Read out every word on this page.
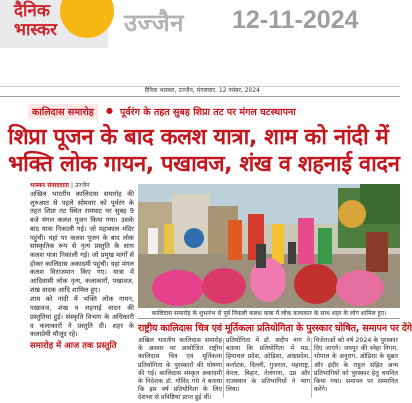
दैनिक भास्कर	उज्जैन 12-11-2024
दैनिक भास्कर, उज्जैन, मंगलवार, 12 नवंबर, 2024
कालिदास समारोह	● पूर्वरंग के तहत सुबह शिप्रा तट पर मंगल घटस्थापना
शिप्रा पूजन के बाद कलश यात्रा, शाम को नांदी में
भक्ति लोक गायन, पखावज, शंख व शहनाई वादन
भास्कर संवाददाता | उज्जैन

अखिल भारतीय कालिदास समारोह की शुरुआत से पहले सोमवार को पूर्वरंग के तहत शिप्रा तट स्थित रामघाट पर सुबह 9 बजे मंगल कलश पूजन किया गया। उसके बाद यात्रा निकाली गई। जो महाकाल मंदिर पहुंची। यहां पर कलश पूजन के बाद लोक सांस्कृतिक रूप से नृत्य प्रस्तुति के साथ कलश यात्रा निकाली गई। जो प्रमुख मार्गों से होकर कालिदास अकादमी पहुंची। यहां मंगल कलश विराजमान किए गए। यात्रा में आदिवासी लोक नृत्य, कलाकारों, पखावज, शंख वादक आदि शामिल हुए।

शाम को नांदी में भक्ति लोक गायन, पखावज, शंख व शहनाई वादन की प्रस्तुतियां हुई। संस्कृति विभाग के अधिकारी व कलाकारों ने प्रस्तुति दी। शहर के कलाप्रेमी मौजूद रहे।

समारोह में आज तक प्रस्तुति
कालिदास समारोह के शुभारंभ से पूर्व निकली कलश यात्रा में लोक कलाकार के साथ शहर के लोग शामिल हुए।
राष्ट्रीय कालिदास चित्र एवं मूर्तिकला प्रतियोगिता के पुरस्कार घोषित, समापन पर देंगे
अखिल भारतीय कालिदास समारोह के अवसर पर आयोजित राष्ट्रीय कालिदास चित्र एवं मूर्तिकला प्रतियोगिता के पुरस्कारों की घोषणा की गई। कालिदास संस्कृत अकादमी के निदेशक डॉ. गोविंद गंधे ने बताया कि इस वर्ष प्रतियोगिता के लिए देशभर से प्रविष्टियां प्राप्त हुई थीं।
प्रतियोगिता में डॉ. संदीप नाग ने बताया कि प्रतियोगिता में मप्र, हिमाचल प्रदेश, ओड़िशा, आंध्रप्रदेश, कर्नाटक, दिल्ली, गुजरात, महाराष्ट्र, केरल, बिहार, तेलंगाना, उप्र और राजस्थान के प्रतिभागियों ने भाग लिया।
विजेताओं को वर्ष 2024 के पुरस्कार दिए जाएंगे। जयपुर की स्नेहा निगम, भोपाल के अनुराग, ओड़िशा के सुब्रत और इंदौर के राहुल सहित अन्य प्रतिभागियों को पुरस्कार हेतु चयनित किया गया। समापन पर सम्मानित करेंगे।
